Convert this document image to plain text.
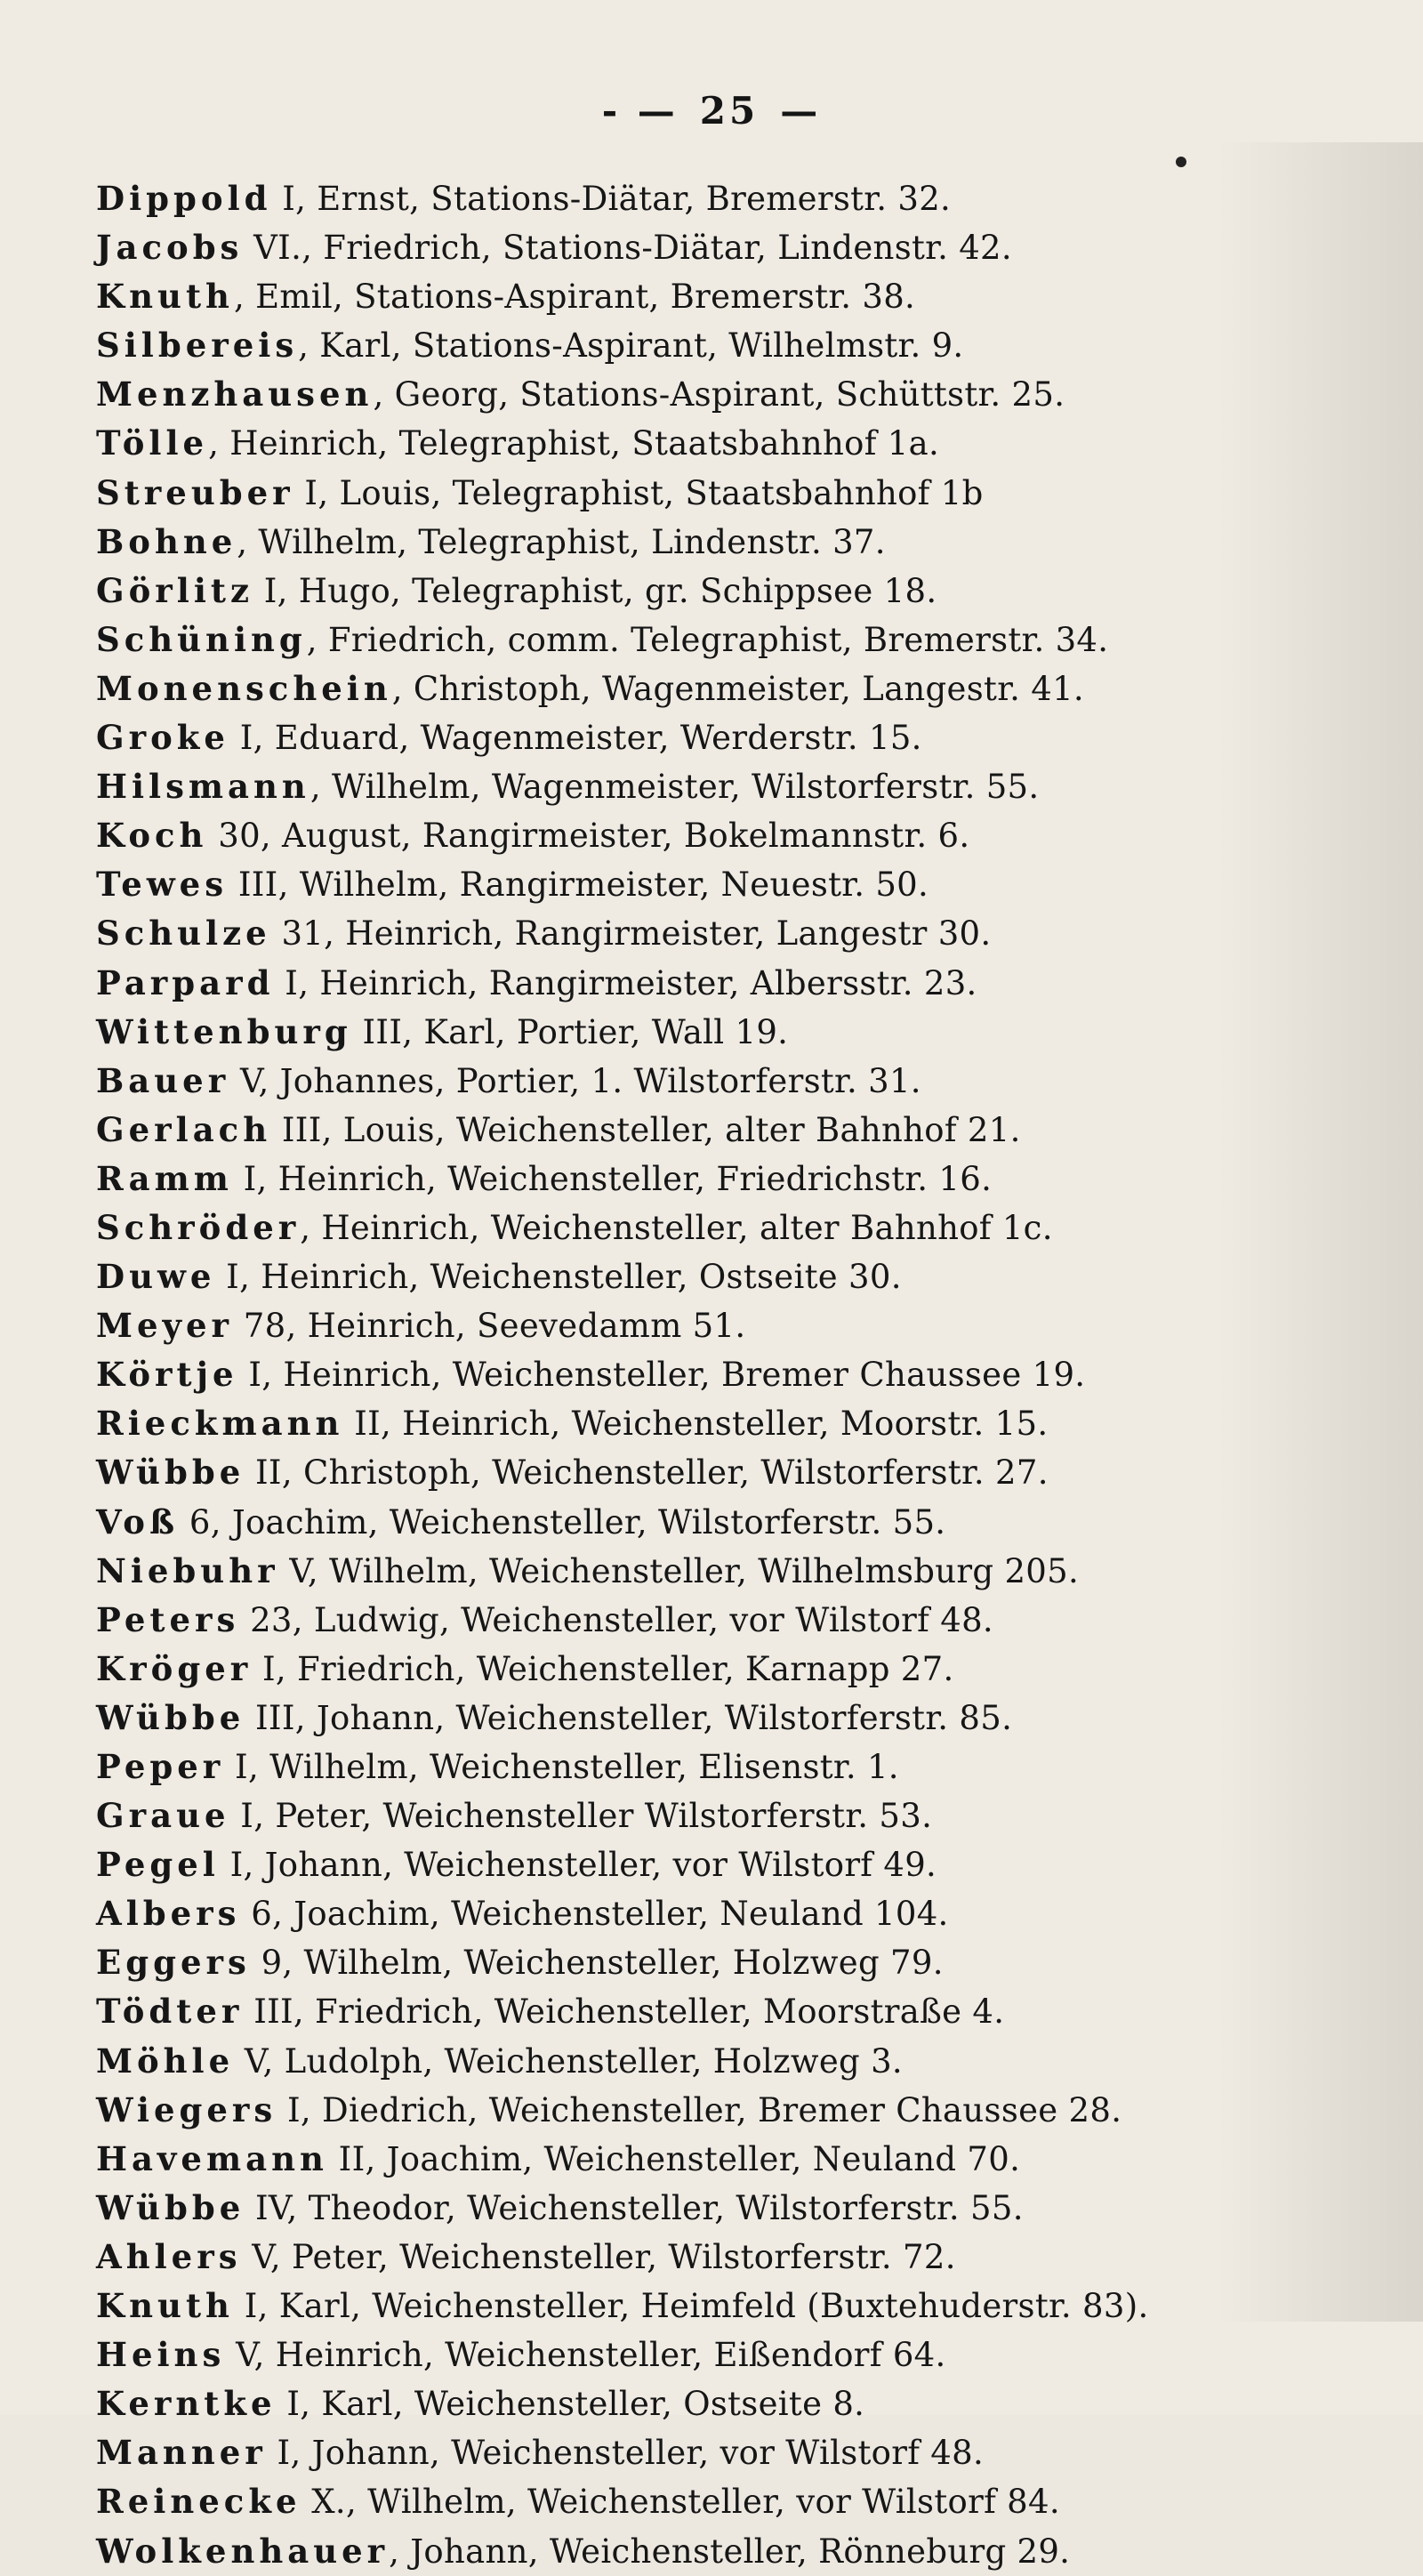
- — 25 —
Dippold I, Ernst, Stations-Diätar, Bremerstr. 32.
Jacobs VI., Friedrich, Stations-Diätar, Lindenstr. 42.
Knuth, Emil, Stations-Aspirant, Bremerstr. 38.
Silbereis, Karl, Stations-Aspirant, Wilhelmstr. 9.
Menzhausen, Georg, Stations-Aspirant, Schüttstr. 25.
Tölle, Heinrich, Telegraphist, Staatsbahnhof 1a.
Streuber I, Louis, Telegraphist, Staatsbahnhof 1b
Bohne, Wilhelm, Telegraphist, Lindenstr. 37.
Görlitz I, Hugo, Telegraphist, gr. Schippsee 18.
Schüning, Friedrich, comm. Telegraphist, Bremerstr. 34.
Monenschein, Christoph, Wagenmeister, Langestr. 41.
Groke I, Eduard, Wagenmeister, Werderstr. 15.
Hilsmann, Wilhelm, Wagenmeister, Wilstorferstr. 55.
Koch 30, August, Rangirmeister, Bokelmannstr. 6.
Tewes III, Wilhelm, Rangirmeister, Neuestr. 50.
Schulze 31, Heinrich, Rangirmeister, Langestr 30.
Parpard I, Heinrich, Rangirmeister, Albersstr. 23.
Wittenburg III, Karl, Portier, Wall 19.
Bauer V, Johannes, Portier, 1. Wilstorferstr. 31.
Gerlach III, Louis, Weichensteller, alter Bahnhof 21.
Ramm I, Heinrich, Weichensteller, Friedrichstr. 16.
Schröder, Heinrich, Weichensteller, alter Bahnhof 1c.
Duwe I, Heinrich, Weichensteller, Ostseite 30.
Meyer 78, Heinrich, Seevedamm 51.
Körtje I, Heinrich, Weichensteller, Bremer Chaussee 19.
Rieckmann II, Heinrich, Weichensteller, Moorstr. 15.
Wübbe II, Christoph, Weichensteller, Wilstorferstr. 27.
Voß 6, Joachim, Weichensteller, Wilstorferstr. 55.
Niebuhr V, Wilhelm, Weichensteller, Wilhelmsburg 205.
Peters 23, Ludwig, Weichensteller, vor Wilstorf 48.
Kröger I, Friedrich, Weichensteller, Karnapp 27.
Wübbe III, Johann, Weichensteller, Wilstorferstr. 85.
Peper I, Wilhelm, Weichensteller, Elisenstr. 1.
Graue I, Peter, Weichensteller Wilstorferstr. 53.
Pegel I, Johann, Weichensteller, vor Wilstorf 49.
Albers 6, Joachim, Weichensteller, Neuland 104.
Eggers 9, Wilhelm, Weichensteller, Holzweg 79.
Tödter III, Friedrich, Weichensteller, Moorstraße 4.
Möhle V, Ludolph, Weichensteller, Holzweg 3.
Wiegers I, Diedrich, Weichensteller, Bremer Chaussee 28.
Havemann II, Joachim, Weichensteller, Neuland 70.
Wübbe IV, Theodor, Weichensteller, Wilstorferstr. 55.
Ahlers V, Peter, Weichensteller, Wilstorferstr. 72.
Knuth I, Karl, Weichensteller, Heimfeld (Buxtehuderstr. 83).
Heins V, Heinrich, Weichensteller, Eißendorf 64.
Kerntke I, Karl, Weichensteller, Ostseite 8.
Manner I, Johann, Weichensteller, vor Wilstorf 48.
Reinecke X., Wilhelm, Weichensteller, vor Wilstorf 84.
Wolkenhauer, Johann, Weichensteller, Rönneburg 29.
